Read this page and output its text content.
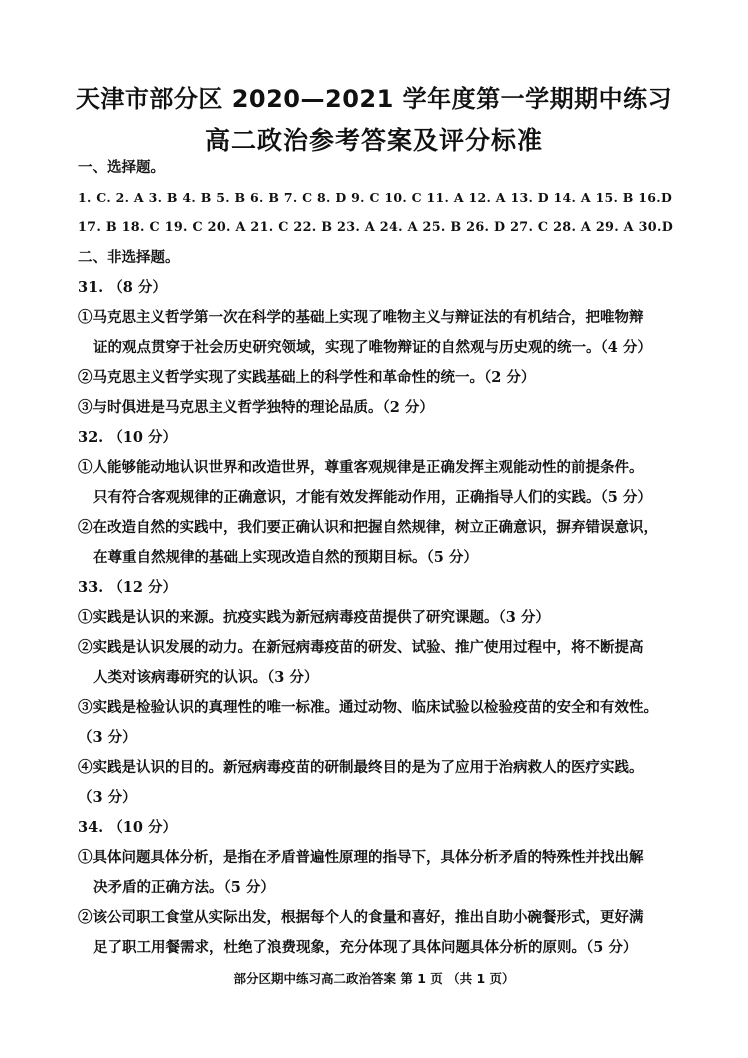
天津市部分区 2020—2021 学年度第一学期期中练习
高二政治参考答案及评分标准
一、选择题。
1. C. 2. A 3. B 4. B 5. B 6. B 7. C 8. D 9. C 10. C 11. A 12. A 13. D 14. A 15. B 16.D
17. B 18. C 19. C 20. A 21. C 22. B 23. A 24. A 25. B 26. D 27. C 28. A 29. A 30.D
二、非选择题。
31. （8 分）
①马克思主义哲学第一次在科学的基础上实现了唯物主义与辩证法的有机结合，把唯物辩
证的观点贯穿于社会历史研究领域，实现了唯物辩证的自然观与历史观的统一。（4 分）
②马克思主义哲学实现了实践基础上的科学性和革命性的统一。（2 分）
③与时俱进是马克思主义哲学独特的理论品质。（2 分）
32. （10 分）
①人能够能动地认识世界和改造世界，尊重客观规律是正确发挥主观能动性的前提条件。
只有符合客观规律的正确意识，才能有效发挥能动作用，正确指导人们的实践。（5 分）
②在改造自然的实践中，我们要正确认识和把握自然规律，树立正确意识，摒弃错误意识，
在尊重自然规律的基础上实现改造自然的预期目标。（5 分）
33. （12 分）
①实践是认识的来源。抗疫实践为新冠病毒疫苗提供了研究课题。（3 分）
②实践是认识发展的动力。在新冠病毒疫苗的研发、试验、推广使用过程中，将不断提高
人类对该病毒研究的认识。（3 分）
③实践是检验认识的真理性的唯一标准。通过动物、临床试验以检验疫苗的安全和有效性。
（3 分）
④实践是认识的目的。新冠病毒疫苗的研制最终目的是为了应用于治病救人的医疗实践。
（3 分）
34. （10 分）
①具体问题具体分析，是指在矛盾普遍性原理的指导下，具体分析矛盾的特殊性并找出解
决矛盾的正确方法。（5 分）
②该公司职工食堂从实际出发，根据每个人的食量和喜好，推出自助小碗餐形式，更好满
足了职工用餐需求，杜绝了浪费现象，充分体现了具体问题具体分析的原则。（5 分）
部分区期中练习高二政治答案 第 1 页 （共 1 页）
